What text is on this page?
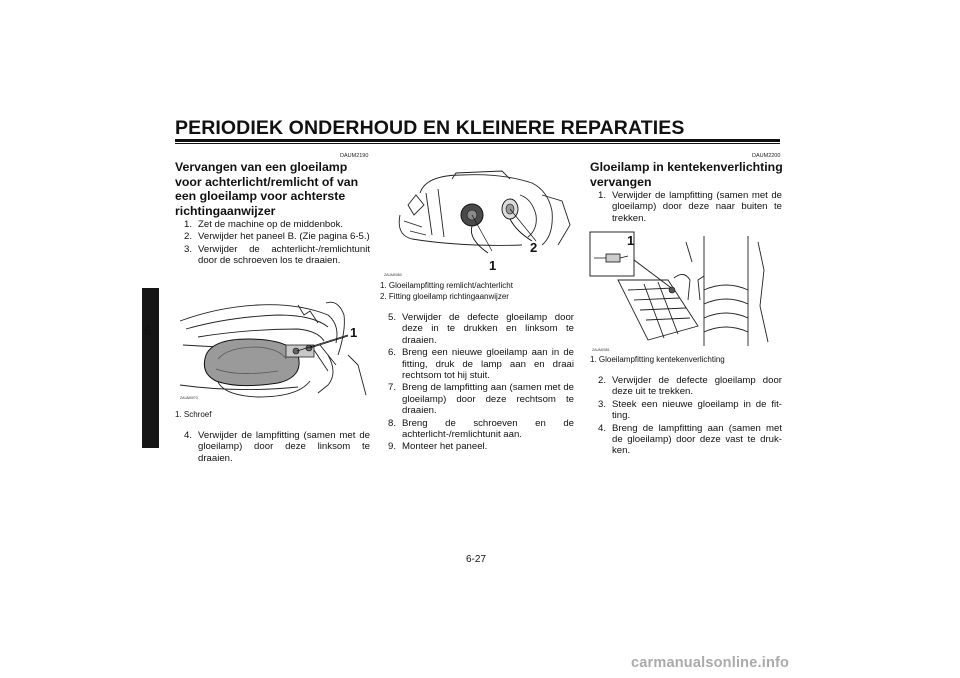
PERIODIEK ONDERHOUD EN KLEINERE REPARATIES
6
DAUM2190
Vervangen van een gloeilamp
voor achterlicht/remlicht of van
een gloeilamp voor achterste
richtingaanwijzer
1. Zet de machine op de middenbok.
2. Verwijder het paneel B. (Zie pagina 6-5.)
3. Verwijder de achterlicht-/remlichtunit door de schroeven los te draaien.
ZAUM0070
1
1. Schroef
4. Verwijder de lampfitting (samen met de gloeilamp) door deze linksom te draaien.
ZAUM0080
1
2
1. Gloeilampfitting remlicht/achterlicht
2. Fitting gloeilamp richtingaanwijzer
5. Verwijder de defecte gloeilamp door deze in te drukken en linksom te draaien.
6. Breng een nieuwe gloeilamp aan in de fitting, druk de lamp aan en draai rechtsom tot hij stuit.
7. Breng de lampfitting aan (samen met de gloeilamp) door deze rechtsom te draaien.
8. Breng de schroeven en de achterlicht-/remlichtunit aan.
9. Monteer het paneel.
DAUM2200
Gloeilamp in kentekenverlichting
vervangen
1. Verwijder de lampfitting (samen met de gloeilamp) door deze naar buiten te trekken.
ZAUM0081
1
1. Gloeilampfitting kentekenverlichting
2. Verwijder de defecte gloeilamp door deze uit te trekken.
3. Steek een nieuwe gloeilamp in de fit-ting.
4. Breng de lampfitting aan (samen met de gloeilamp) door deze vast te druk-ken.
6-27
carmanualsonline.info
